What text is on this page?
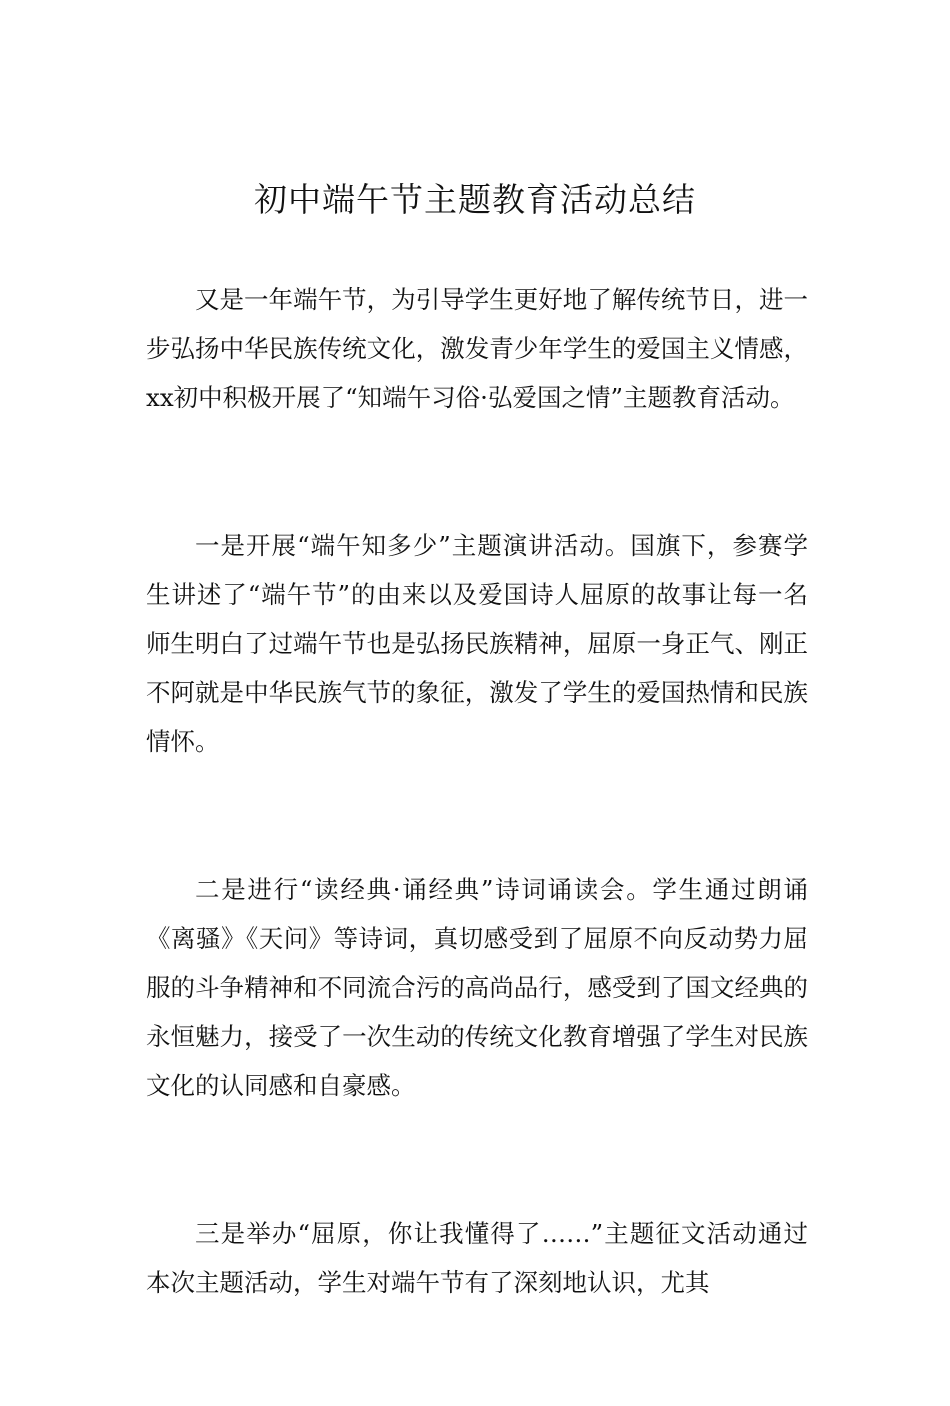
初中端午节主题教育活动总结

又是一年端午节，为引导学生更好地了解传统节日，进一步弘扬中华民族传统文化，激发青少年学生的爱国主义情感，xx初中积极开展了“知端午习俗·弘爱国之情”主题教育活动。

一是开展“端午知多少”主题演讲活动。国旗下，参赛学生讲述了“端午节”的由来以及爱国诗人屈原的故事让每一名师生明白了过端午节也是弘扬民族精神，屈原一身正气、刚正不阿就是中华民族气节的象征，激发了学生的爱国热情和民族情怀。

二是进行“读经典·诵经典”诗词诵读会。学生通过朗诵《离骚》《天问》等诗词，真切感受到了屈原不向反动势力屈服的斗争精神和不同流合污的高尚品行，感受到了国文经典的永恒魅力，接受了一次生动的传统文化教育增强了学生对民族文化的认同感和自豪感。

三是举办“屈原，你让我懂得了……”主题征文活动通过本次主题活动，学生对端午节有了深刻地认识，尤其
